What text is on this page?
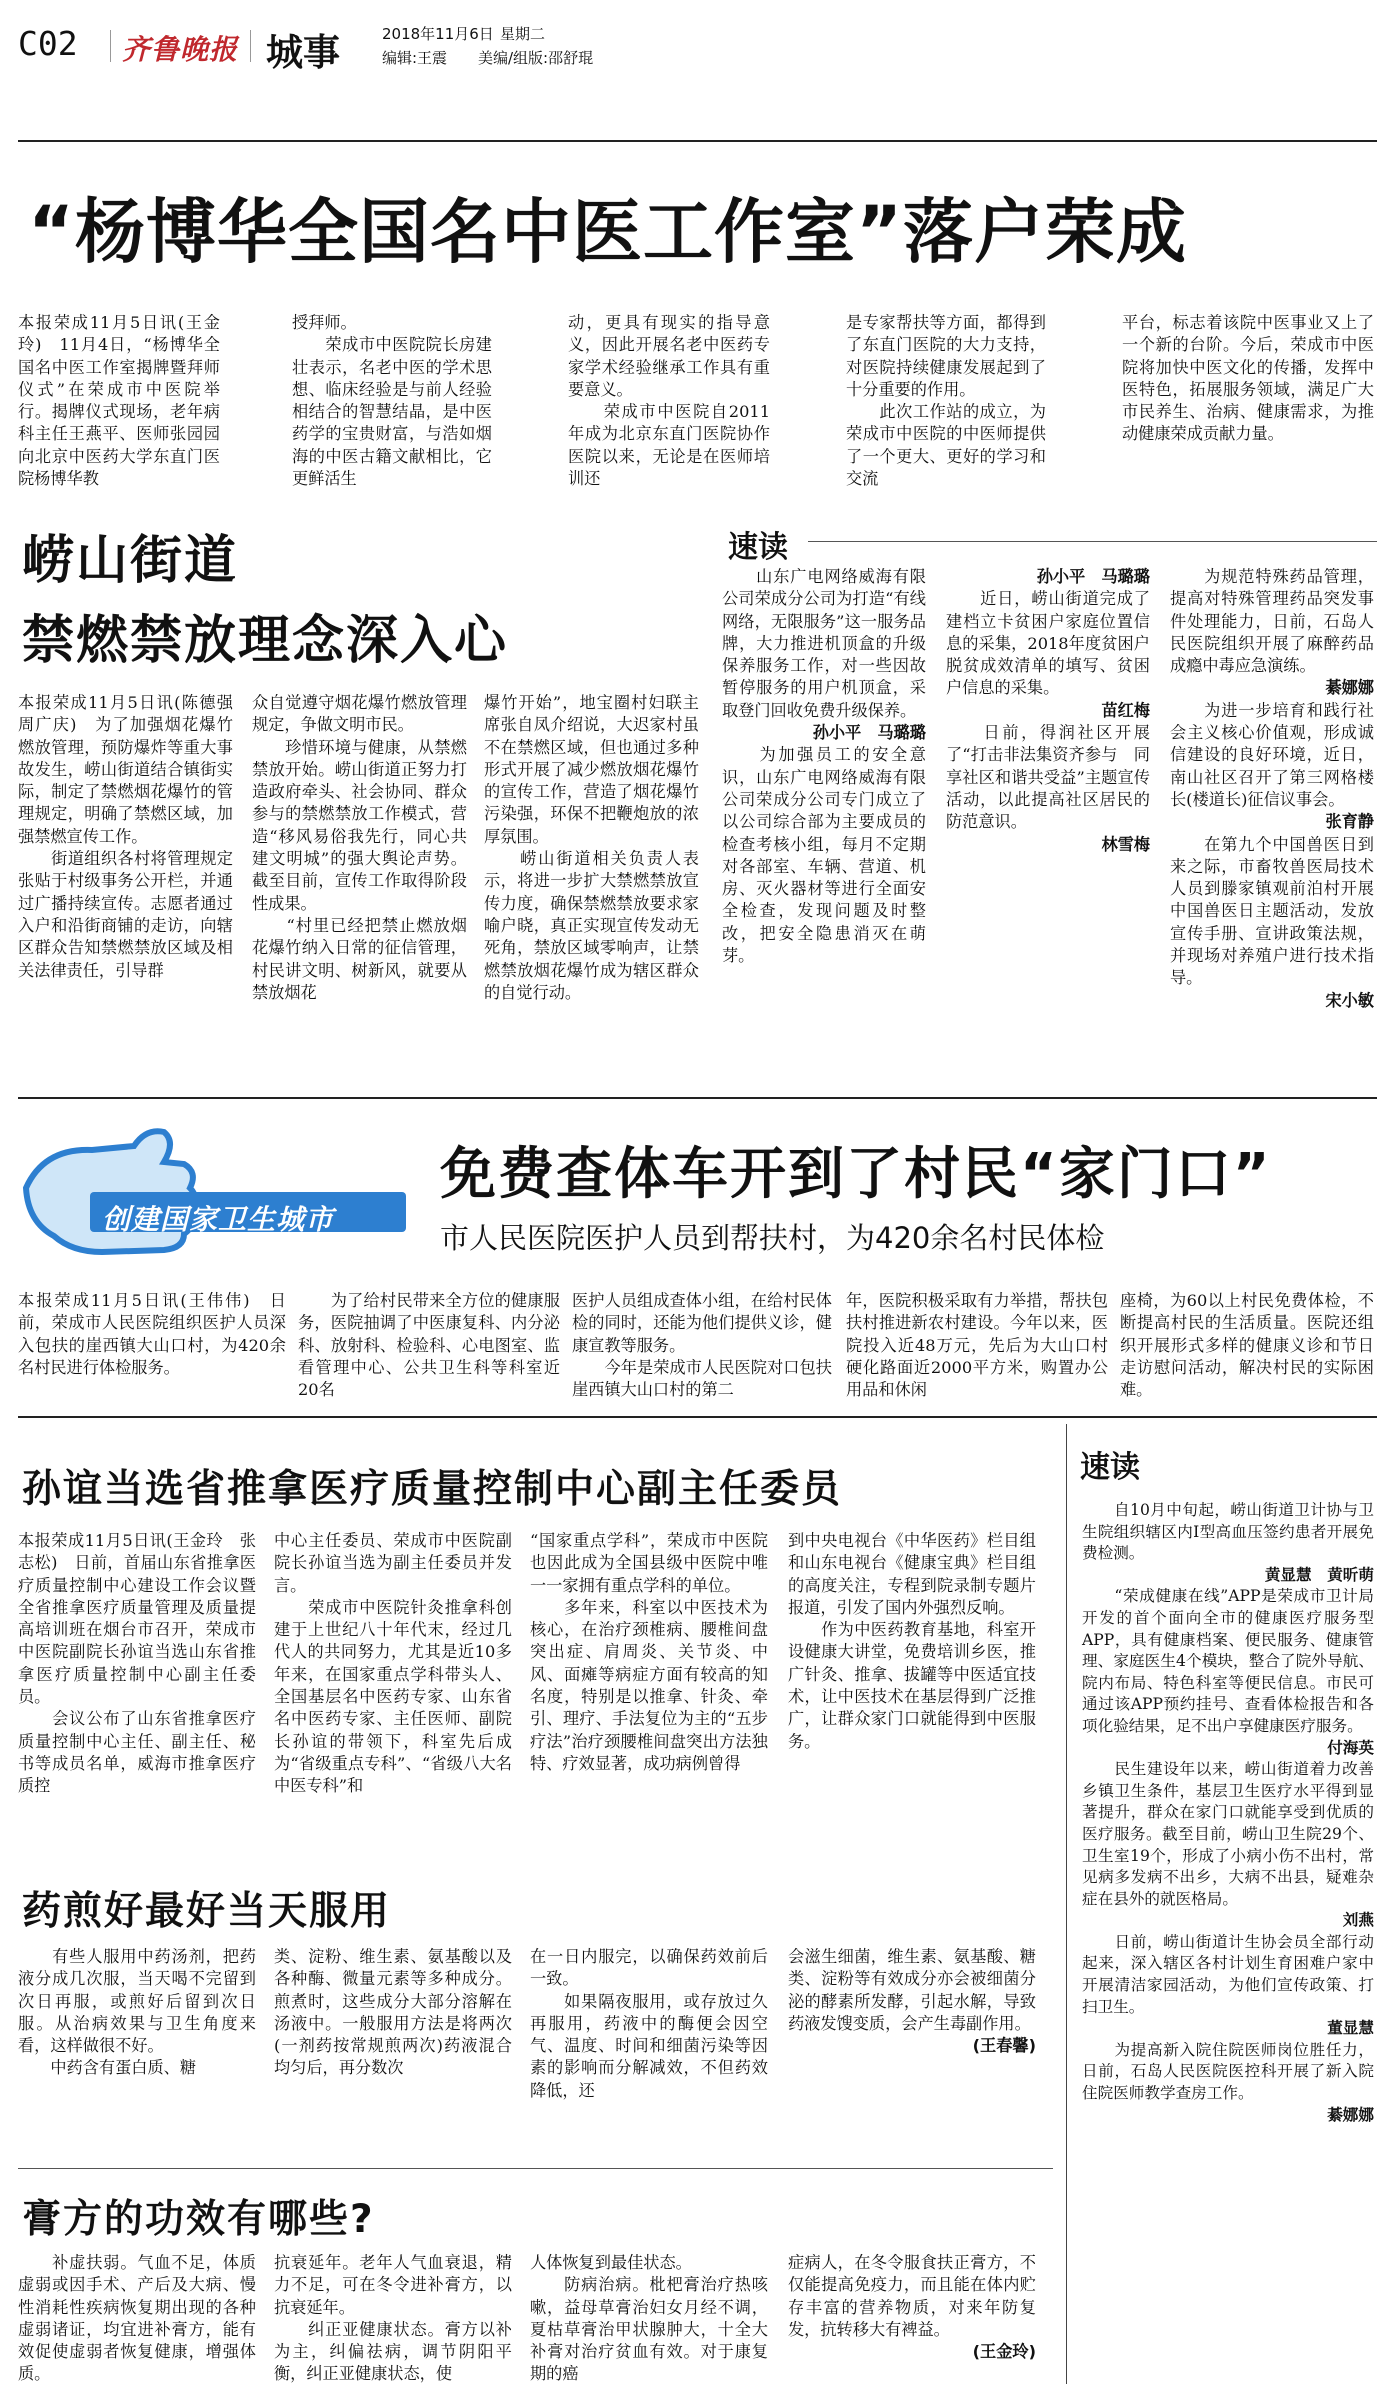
C02 齐鲁晚报 城事	2018年11月6日 星期二
编辑:王震 美编/组版:邵舒琨
“杨博华全国名中医工作室”落户荣成

本报荣成11月5日讯(王金玲)　11月4日，“杨博华全国名中医工作室揭牌暨拜师仪式”在荣成市中医院举行。揭牌仪式现场，老年病科主任王燕平、医师张园园向北京中医药大学东直门医院杨博华教

授拜师。
　　荣成市中医院院长房建壮表示，名老中医的学术思想、临床经验是与前人经验相结合的智慧结晶，是中医药学的宝贵财富，与浩如烟海的中医古籍文献相比，它更鲜活生

动，更具有现实的指导意义，因此开展名老中医药专家学术经验继承工作具有重要意义。
　　荣成市中医院自2011年成为北京东直门医院协作医院以来，无论是在医师培训还

是专家帮扶等方面，都得到了东直门医院的大力支持，对医院持续健康发展起到了十分重要的作用。
　　此次工作站的成立，为荣成市中医院的中医师提供了一个更大、更好的学习和交流

平台，标志着该院中医事业又上了一个新的台阶。今后，荣成市中医院将加快中医文化的传播，发挥中医特色，拓展服务领域，满足广大市民养生、治病、健康需求，为推动健康荣成贡献力量。

崂山街道
禁燃禁放理念深入心

本报荣成11月5日讯(陈德强　周广庆)　为了加强烟花爆竹燃放管理，预防爆炸等重大事故发生，崂山街道结合镇街实际，制定了禁燃烟花爆竹的管理规定，明确了禁燃区域，加强禁燃宣传工作。
　　街道组织各村将管理规定张贴于村级事务公开栏，并通过广播持续宣传。志愿者通过入户和沿街商铺的走访，向辖区群众告知禁燃禁放区域及相关法律责任，引导群

众自觉遵守烟花爆竹燃放管理规定，争做文明市民。
　　珍惜环境与健康，从禁燃禁放开始。崂山街道正努力打造政府牵头、社会协同、群众参与的禁燃禁放工作模式，营造“移风易俗我先行，同心共建文明城”的强大舆论声势。截至目前，宣传工作取得阶段性成果。
　　“村里已经把禁止燃放烟花爆竹纳入日常的征信管理，村民讲文明、树新风，就要从禁放烟花

爆竹开始”，地宝圈村妇联主席张自凤介绍说，大迟家村虽不在禁燃区域，但也通过多种形式开展了减少燃放烟花爆竹的宣传工作，营造了烟花爆竹污染强，环保不把鞭炮放的浓厚氛围。
　　崂山街道相关负责人表示，将进一步扩大禁燃禁放宣传力度，确保禁燃禁放要求家喻户晓，真正实现宣传发动无死角，禁放区域零响声，让禁燃禁放烟花爆竹成为辖区群众的自觉行动。

速读

　　山东广电网络威海有限公司荣成分公司为打造“有线网络，无限服务”这一服务品牌，大力推进机顶盒的升级保养服务工作，对一些因故暂停服务的用户机顶盒，采取登门回收免费升级保养。

孙小平　马璐璐

　　为加强员工的安全意识，山东广电网络威海有限公司荣成分公司专门成立了以公司综合部为主要成员的检查考核小组，每月不定期对各部室、车辆、营道、机房、灭火器材等进行全面安全检查，发现问题及时整改，把安全隐患消灭在萌芽。

孙小平　马璐璐

　　近日，崂山街道完成了建档立卡贫困户家庭位置信息的采集，2018年度贫困户脱贫成效清单的填写、贫困户信息的采集。

苗红梅

　　日前，得润社区开展了“打击非法集资齐参与　同享社区和谐共受益”主题宣传活动，以此提高社区居民的防范意识。

林雪梅

　　为规范特殊药品管理，提高对特殊管理药品突发事件处理能力，日前，石岛人民医院组织开展了麻醉药品成瘾中毒应急演练。

綦娜娜

　　为进一步培育和践行社会主义核心价值观，形成诚信建设的良好环境，近日，南山社区召开了第三网格楼长(楼道长)征信议事会。

张育静

　　在第九个中国兽医日到来之际，市畜牧兽医局技术人员到滕家镇观前泊村开展中国兽医日主题活动，发放宣传手册、宣讲政策法规，并现场对养殖户进行技术指导。

宋小敏

创建国家卫生城市
免费查体车开到了村民“家门口”
市人民医院医护人员到帮扶村，为420余名村民体检

本报荣成11月5日讯(王伟伟)　日前，荣成市人民医院组织医护人员深入包扶的崖西镇大山口村，为420余名村民进行体检服务。

　　为了给村民带来全方位的健康服务，医院抽调了中医康复科、内分泌科、放射科、检验科、心电图室、监看管理中心、公共卫生科等科室近20名

医护人员组成查体小组，在给村民体检的同时，还能为他们提供义诊，健康宣教等服务。
　　今年是荣成市人民医院对口包扶崖西镇大山口村的第二

年，医院积极采取有力举措，帮扶包扶村推进新农村建设。今年以来，医院投入近48万元，先后为大山口村硬化路面近2000平方米，购置办公用品和休闲

座椅，为60以上村民免费体检，不断提高村民的生活质量。医院还组织开展形式多样的健康义诊和节日走访慰问活动，解决村民的实际困难。

孙谊当选省推拿医疗质量控制中心副主任委员

本报荣成11月5日讯(王金玲　张志松)　日前，首届山东省推拿医疗质量控制中心建设工作会议暨全省推拿医疗质量管理及质量提高培训班在烟台市召开，荣成市中医院副院长孙谊当选山东省推拿医疗质量控制中心副主任委员。
　　会议公布了山东省推拿医疗质量控制中心主任、副主任、秘书等成员名单，威海市推拿医疗质控

中心主任委员、荣成市中医院副院长孙谊当选为副主任委员并发言。
　　荣成市中医院针灸推拿科创建于上世纪八十年代末，经过几代人的共同努力，尤其是近10多年来，在国家重点学科带头人、全国基层名中医药专家、山东省名中医药专家、主任医师、副院长孙谊的带领下，科室先后成为“省级重点专科”、“省级八大名中医专科”和

“国家重点学科”，荣成市中医院也因此成为全国县级中医院中唯一一家拥有重点学科的单位。
　　多年来，科室以中医技术为核心，在治疗颈椎病、腰椎间盘突出症、肩周炎、关节炎、中风、面瘫等病症方面有较高的知名度，特别是以推拿、针灸、牵引、理疗、手法复位为主的“五步疗法”治疗颈腰椎间盘突出方法独特、疗效显著，成功病例曾得

到中央电视台《中华医药》栏目组和山东电视台《健康宝典》栏目组的高度关注，专程到院录制专题片报道，引发了国内外强烈反响。
　　作为中医药教育基地，科室开设健康大讲堂，免费培训乡医，推广针灸、推拿、拔罐等中医适宜技术，让中医技术在基层得到广泛推广，让群众家门口就能得到中医服务。

药煎好最好当天服用

　　有些人服用中药汤剂，把药液分成几次服，当天喝不完留到次日再服，或煎好后留到次日服。从治病效果与卫生角度来看，这样做很不好。
　　中药含有蛋白质、糖

类、淀粉、维生素、氨基酸以及各种酶、微量元素等多种成分。煎煮时，这些成分大部分溶解在汤液中。一般服用方法是将两次(一剂药按常规煎两次)药液混合均匀后，再分数次

在一日内服完，以确保药效前后一致。
　　如果隔夜服用，或存放过久再服用，药液中的酶便会因空气、温度、时间和细菌污染等因素的影响而分解减效，不但药效降低，还

会滋生细菌，维生素、氨基酸、糖类、淀粉等有效成分亦会被细菌分泌的酵素所发酵，引起水解，导致药液发馊变质，会产生毒副作用。

(王春馨)

膏方的功效有哪些?

　　补虚扶弱。气血不足，体质虚弱或因手术、产后及大病、慢性消耗性疾病恢复期出现的各种虚弱诸证，均宜进补膏方，能有效促使虚弱者恢复健康，增强体质。

抗衰延年。老年人气血衰退，精力不足，可在冬令进补膏方，以抗衰延年。
　　纠正亚健康状态。膏方以补为主，纠偏祛病，调节阴阳平衡，纠正亚健康状态，使

人体恢复到最佳状态。
　　防病治病。枇杷膏治疗热咳嗽，益母草膏治妇女月经不调，夏枯草膏治甲状腺肿大，十全大补膏对治疗贫血有效。对于康复期的癌

症病人，在冬令服食扶正膏方，不仅能提高免疫力，而且能在体内贮存丰富的营养物质，对来年防复发，抗转移大有裨益。

(王金玲)

速读

　　自10月中旬起，崂山街道卫计协与卫生院组织辖区内Ⅰ型高血压签约患者开展免费检测。

黄显慧　黄昕萌

　　“荣成健康在线”APP是荣成市卫计局开发的首个面向全市的健康医疗服务型APP，具有健康档案、便民服务、健康管理、家庭医生4个模块，整合了院外导航、院内布局、特色科室等便民信息。市民可通过该APP预约挂号、查看体检报告和各项化验结果，足不出户享健康医疗服务。

付海英

　　民生建设年以来，崂山街道着力改善乡镇卫生条件，基层卫生医疗水平得到显著提升，群众在家门口就能享受到优质的医疗服务。截至目前，崂山卫生院29个、卫生室19个，形成了小病小伤不出村，常见病多发病不出乡，大病不出县，疑难杂症在县外的就医格局。

刘燕

　　日前，崂山街道计生协会员全部行动起来，深入辖区各村计划生育困难户家中开展清洁家园活动，为他们宣传政策、打扫卫生。

董显慧

　　为提高新入院住院医师岗位胜任力，日前，石岛人民医院医控科开展了新入院住院医师教学查房工作。

綦娜娜
